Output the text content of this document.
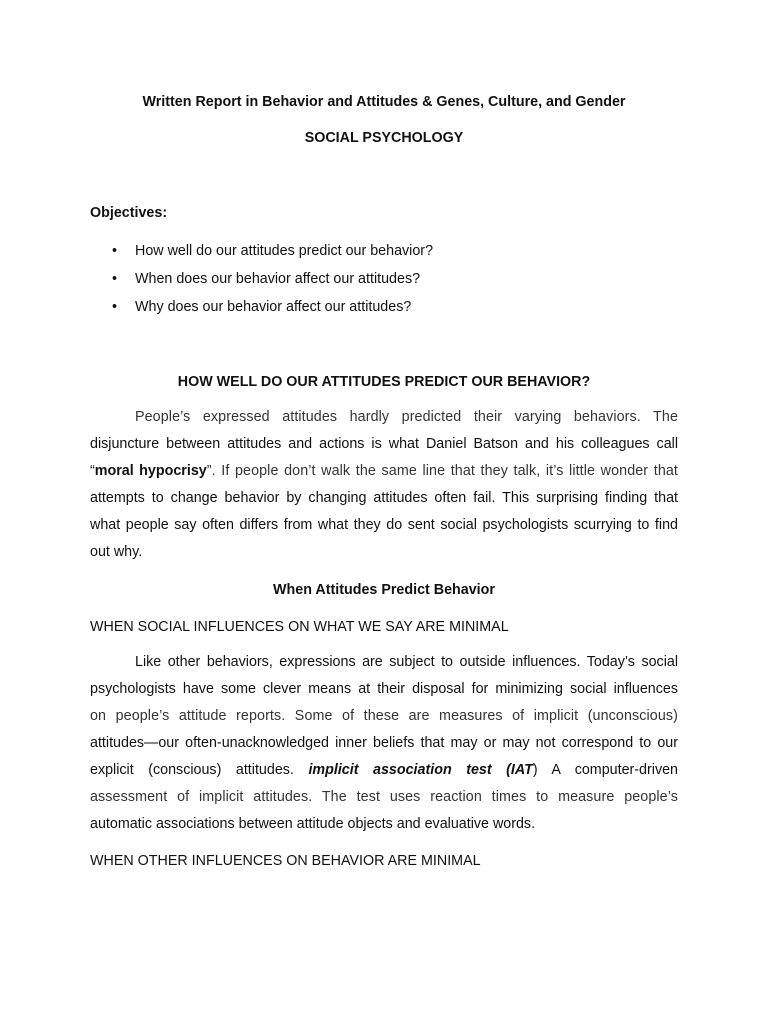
Written Report in Behavior and Attitudes & Genes, Culture, and Gender
SOCIAL PSYCHOLOGY
Objectives:
• How well do our attitudes predict our behavior?
• When does our behavior affect our attitudes?
• Why does our behavior affect our attitudes?
HOW WELL DO OUR ATTITUDES PREDICT OUR BEHAVIOR?
People’s expressed attitudes hardly predicted their varying behaviors. The
disjuncture between attitudes and actions is what Daniel Batson and his colleagues call
“moral hypocrisy”. If people don’t walk the same line that they talk, it’s little wonder that
attempts to change behavior by changing attitudes often fail. This surprising finding that
what people say often differs from what they do sent social psychologists scurrying to find
out why.
When Attitudes Predict Behavior
WHEN SOCIAL INFLUENCES ON WHAT WE SAY ARE MINIMAL
Like other behaviors, expressions are subject to outside influences. Today’s social
psychologists have some clever means at their disposal for minimizing social influences
on people’s attitude reports. Some of these are measures of implicit (unconscious)
attitudes—our often-unacknowledged inner beliefs that may or may not correspond to our
explicit (conscious) attitudes. implicit association test (IAT) A computer-driven
assessment of implicit attitudes. The test uses reaction times to measure people’s
automatic associations between attitude objects and evaluative words.
WHEN OTHER INFLUENCES ON BEHAVIOR ARE MINIMAL
